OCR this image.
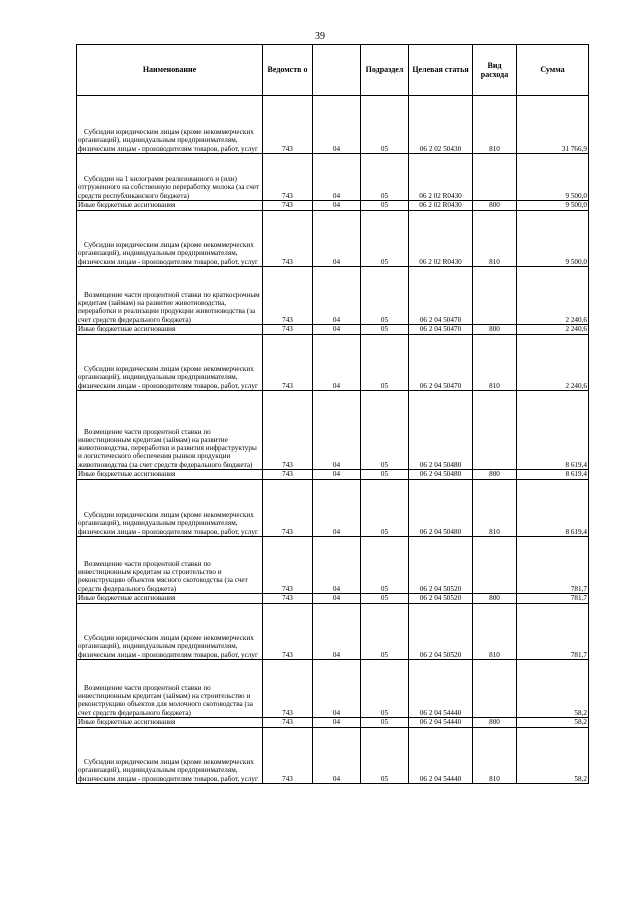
39
Наименование	Ведомств о		Подраздел	Целевая статья	Вид расхода	Сумма
Субсидии юридическим лицам (кроме некоммерческих организаций), индивидуальным предпринимателям, физическим лицам - производителям товаров, работ, услуг	743	04	05	06 2 02 50430	810	31 766,9
Субсидии на 1 килограмм реализованного и (или) отгруженного на собственную переработку молока (за счет средств республиканского бюджета)	743	04	05	06 2 02 R0430		9 500,0
Иные бюджетные ассигнования	743	04	05	06 2 02 R0430	800	9 500,0
Субсидии юридическим лицам (кроме некоммерческих организаций), индивидуальным предпринимателям, физическим лицам - производителям товаров, работ, услуг	743	04	05	06 2 02 R0430	810	9 500,0
Возмещение части процентной ставки по краткосрочным кредитам (займам) на развитие животноводства, переработки и реализации продукции животноводства (за счет средств федерального бюджета)	743	04	05	06 2 04 50470		2 240,6
Иные бюджетные ассигнования	743	04	05	06 2 04 50470	800	2 240,6
Субсидии юридическим лицам (кроме некоммерческих организаций), индивидуальным предпринимателям, физическим лицам - производителям товаров, работ, услуг	743	04	05	06 2 04 50470	810	2 240,6
Возмещение части процентной ставки по инвестиционным кредитам (займам) на развитие животноводства, переработки и развития инфраструктуры и логистического обеспечения рынков продукции животноводства (за счет средств федерального бюджета)	743	04	05	06 2 04 50480		8 619,4
Иные бюджетные ассигнования	743	04	05	06 2 04 50480	800	8 619,4
Субсидии юридическим лицам (кроме некоммерческих организаций), индивидуальным предпринимателям, физическим лицам - производителям товаров, работ, услуг	743	04	05	06 2 04 50480	810	8 619,4
Возмещение части процентной ставки по инвестиционным кредитам на строительство и реконструкцию объектов мясного скотоводства (за счет средств федерального бюджета)	743	04	05	06 2 04 50520		781,7
Иные бюджетные ассигнования	743	04	05	06 2 04 50520	800	781,7
Субсидии юридическим лицам (кроме некоммерческих организаций), индивидуальным предпринимателям, физическим лицам - производителям товаров, работ, услуг	743	04	05	06 2 04 50520	810	781,7
Возмещение части процентной ставки по инвестиционным кредитам (займам) на строительство и реконструкцию объектов для молочного скотоводства (за счет средств федерального бюджета)	743	04	05	06 2 04 54440		58,2
Иные бюджетные ассигнования	743	04	05	06 2 04 54440	800	58,2
Субсидии юридическим лицам (кроме некоммерческих организаций), индивидуальным предпринимателям, физическим лицам - производителям товаров, работ, услуг	743	04	05	06 2 04 54440	810	58,2
